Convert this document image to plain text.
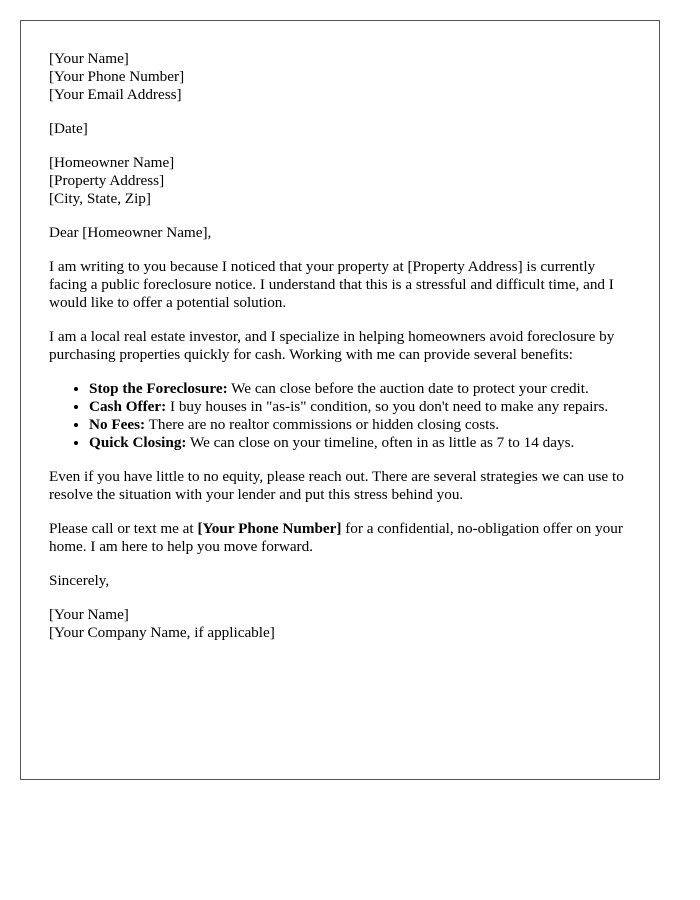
[Your Name]
[Your Phone Number]
[Your Email Address]
[Date]
[Homeowner Name]
[Property Address]
[City, State, Zip]

Dear [Homeowner Name],

I am writing to you because I noticed that your property at [Property Address] is currently facing a public foreclosure notice. I understand that this is a stressful and difficult time, and I would like to offer a potential solution.

I am a local real estate investor, and I specialize in helping homeowners avoid foreclosure by purchasing properties quickly for cash. Working with me can provide several benefits:

• Stop the Foreclosure: We can close before the auction date to protect your credit.
• Cash Offer: I buy houses in "as-is" condition, so you don't need to make any repairs.
• No Fees: There are no realtor commissions or hidden closing costs.
• Quick Closing: We can close on your timeline, often in as little as 7 to 14 days.

Even if you have little to no equity, please reach out. There are several strategies we can use to resolve the situation with your lender and put this stress behind you.

Please call or text me at [Your Phone Number] for a confidential, no-obligation offer on your home. I am here to help you move forward.

Sincerely,

[Your Name]
[Your Company Name, if applicable]
